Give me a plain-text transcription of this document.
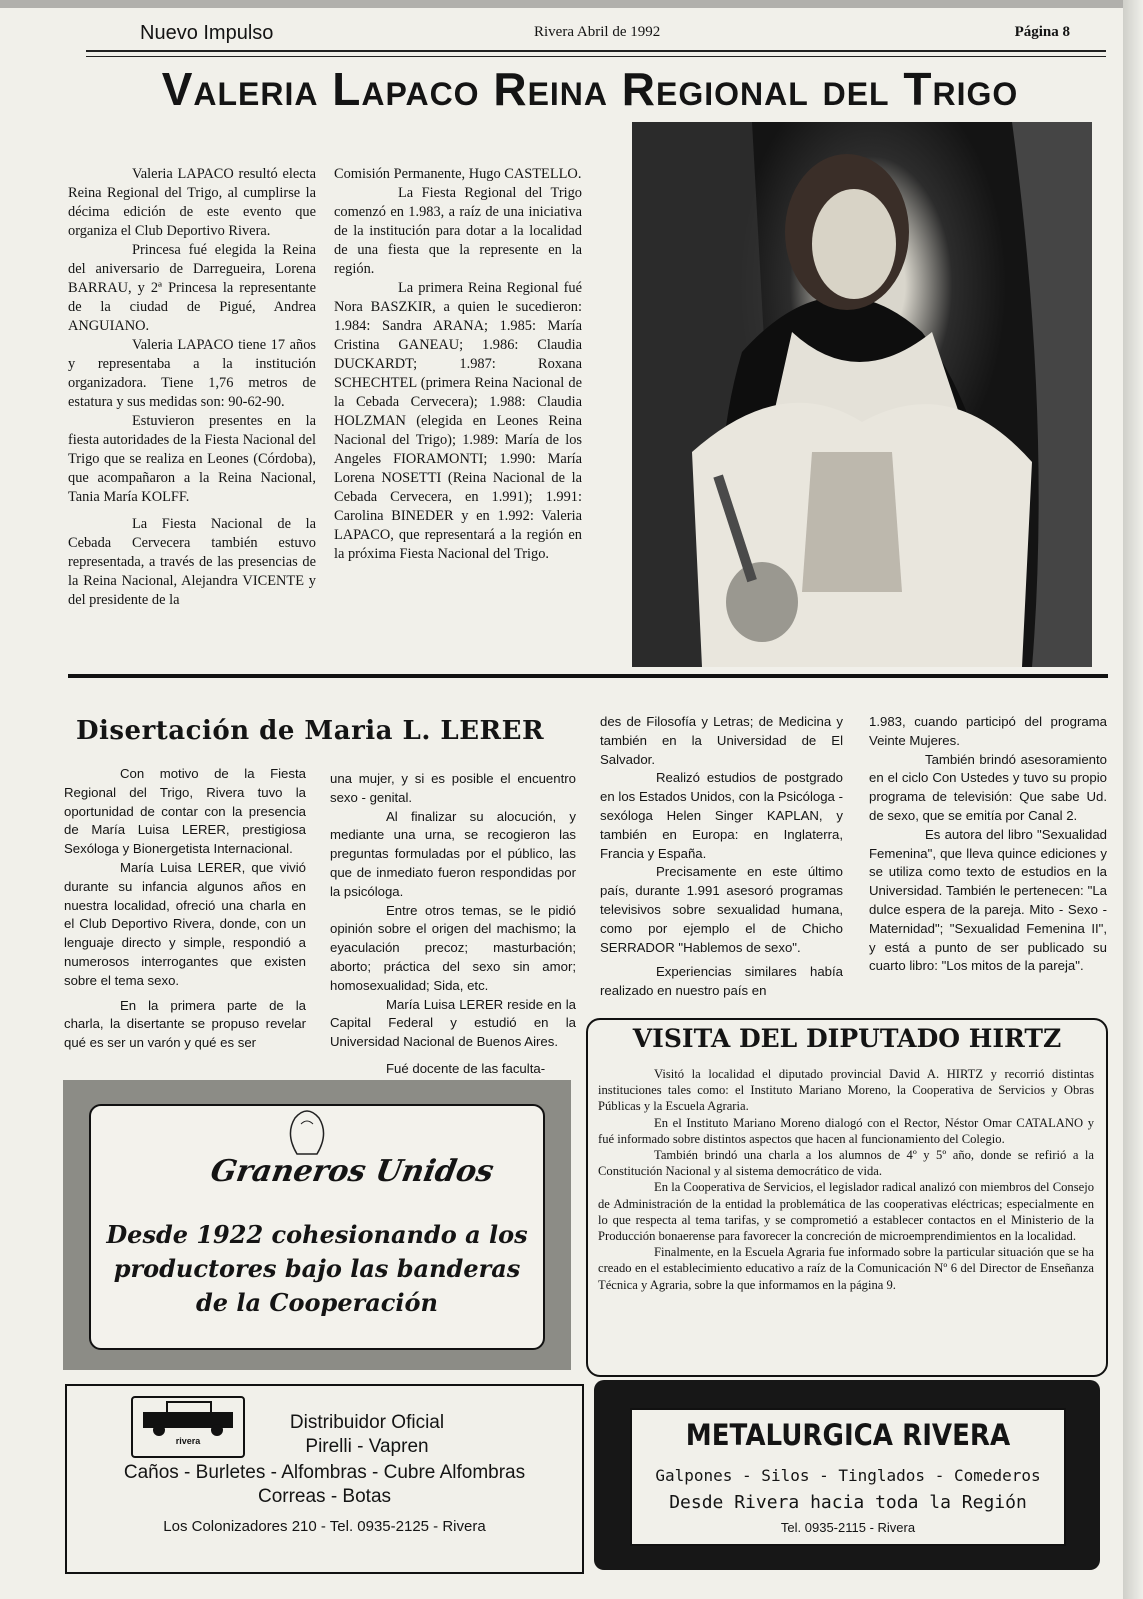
Nuevo Impulso	Rivera Abril de 1992	Página 8
Valeria Lapaco Reina Regional del Trigo

Valeria LAPACO resultó electa Reina Regional del Trigo, al cumplirse la décima edición de este evento que organiza el Club Deportivo Rivera.

Princesa fué elegida la Reina del aniversario de Darregueira, Lorena BARRAU, y 2ª Princesa la representante de la ciudad de Pigué, Andrea ANGUIANO.

Valeria LAPACO tiene 17 años y representaba a la institución organizadora. Tiene 1,76 metros de estatura y sus medidas son: 90-62-90.

Estuvieron presentes en la fiesta autoridades de la Fiesta Nacional del Trigo que se realiza en Leones (Córdoba), que acompañaron a la Reina Nacional, Tania María KOLFF.

La Fiesta Nacional de la Cebada Cervecera también estuvo representada, a través de las presencias de la Reina Nacional, Alejandra VICENTE y del presidente de la

Comisión Permanente, Hugo CASTELLO.

La Fiesta Regional del Trigo comenzó en 1.983, a raíz de una iniciativa de la institución para dotar a la localidad de una fiesta que la represente en la región.

La primera Reina Regional fué Nora BASZKIR, a quien le sucedieron: 1.984: Sandra ARANA; 1.985: María Cristina GANEAU; 1.986: Claudia DUCKARDT; 1.987: Roxana SCHECHTEL (primera Reina Nacional de la Cebada Cervecera); 1.988: Claudia HOLZMAN (elegida en Leones Reina Nacional del Trigo); 1.989: María de los Angeles FIORAMONTI; 1.990: María Lorena NOSETTI (Reina Nacional de la Cebada Cervecera, en 1.991); 1.991: Carolina BINEDER y en 1.992: Valeria LAPACO, que representará a la región en la próxima Fiesta Nacional del Trigo.

Disertación de Maria L. LERER

Con motivo de la Fiesta Regional del Trigo, Rivera tuvo la oportunidad de contar con la presencia de María Luisa LERER, prestigiosa Sexóloga y Bionergetista Internacional.

María Luisa LERER, que vivió durante su infancia algunos años en nuestra localidad, ofreció una charla en el Club Deportivo Rivera, donde, con un lenguaje directo y simple, respondió a numerosos interrogantes que existen sobre el tema sexo.

En la primera parte de la charla, la disertante se propuso revelar qué es ser un varón y qué es ser

una mujer, y si es posible el encuentro sexo - genital.

Al finalizar su alocución, y mediante una urna, se recogieron las preguntas formuladas por el público, las que de inmediato fueron respondidas por la psicóloga.

Entre otros temas, se le pidió opinión sobre el origen del machismo; la eyaculación precoz; masturbación; aborto; práctica del sexo sin amor; homosexualidad; Sida, etc.

María Luisa LERER reside en la Capital Federal y estudió en la Universidad Nacional de Buenos Aires.

Fué docente de las faculta-

des de Filosofía y Letras; de Medicina y también en la Universidad de El Salvador.

Realizó estudios de postgrado en los Estados Unidos, con la Psicóloga - sexóloga Helen Singer KAPLAN, y también en Europa: en Inglaterra, Francia y España.

Precisamente en este último país, durante 1.991 asesoró programas televisivos sobre sexualidad humana, como por ejemplo el de Chicho SERRADOR "Hablemos de sexo".

Experiencias similares había realizado en nuestro país en

1.983, cuando participó del programa Veinte Mujeres.

También brindó asesoramiento en el ciclo Con Ustedes y tuvo su propio programa de televisión: Que sabe Ud. de sexo, que se emitía por Canal 2.

Es autora del libro "Sexualidad Femenina", que lleva quince ediciones y se utiliza como texto de estudios en la Universidad. También le pertenecen: "La dulce espera de la pareja. Mito - Sexo - Maternidad"; "Sexualidad Femenina II", y está a punto de ser publicado su cuarto libro: "Los mitos de la pareja".

VISITA DEL DIPUTADO HIRTZ

Visitó la localidad el diputado provincial David A. HIRTZ y recorrió distintas instituciones tales como: el Instituto Mariano Moreno, la Cooperativa de Servicios y Obras Públicas y la Escuela Agraria.

En el Instituto Mariano Moreno dialogó con el Rector, Néstor Omar CATALANO y fué informado sobre distintos aspectos que hacen al funcionamiento del Colegio.

También brindó una charla a los alumnos de 4º y 5º año, donde se refirió a la Constitución Nacional y al sistema democrático de vida.

En la Cooperativa de Servicios, el legislador radical analizó con miembros del Consejo de Administración de la entidad la problemática de las cooperativas eléctricas; especialmente en lo que respecta al tema tarifas, y se comprometió a establecer contactos en el Ministerio de la Producción bonaerense para favorecer la concreción de microemprendimientos en la localidad.

Finalmente, en la Escuela Agraria fue informado sobre la particular situación que se ha creado en el establecimiento educativo a raíz de la Comunicación Nº 6 del Director de Enseñanza Técnica y Agraria, sobre la que informamos en la página 9.

Graneros Unidos
Desde 1922 cohesionando a los productores bajo las banderas de la Cooperación
rivera
Distribuidor Oficial
Pirelli - Vapren
Caños - Burletes - Alfombras - Cubre Alfombras
Correas - Botas
Los Colonizadores 210 - Tel. 0935-2125 - Rivera
METALURGICA RIVERA
Galpones - Silos - Tinglados - Comederos
Desde Rivera hacia toda la Región
Tel. 0935-2115 - Rivera
